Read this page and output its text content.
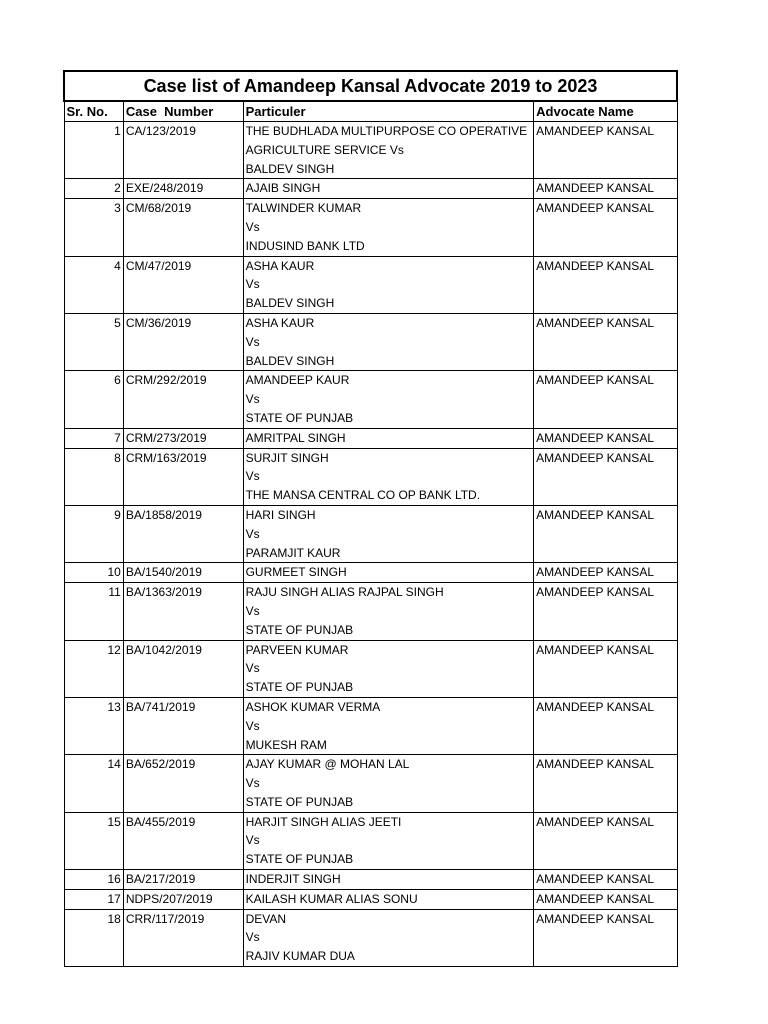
Case list of Amandeep Kansal Advocate 2019 to 2023			
Sr. No.	Case  Number	Particuler	Advocate Name
1	CA/123/2019	THE BUDHLADA MULTIPURPOSE CO OPERATIVE
AGRICULTURE SERVICE Vs
BALDEV SINGH	AMANDEEP KANSAL
2	EXE/248/2019	AJAIB SINGH	AMANDEEP KANSAL
3	CM/68/2019	TALWINDER KUMAR
Vs
INDUSIND BANK LTD	AMANDEEP KANSAL
4	CM/47/2019	ASHA KAUR
Vs
BALDEV SINGH	AMANDEEP KANSAL
5	CM/36/2019	ASHA KAUR
Vs
BALDEV SINGH	AMANDEEP KANSAL
6	CRM/292/2019	AMANDEEP KAUR
Vs
STATE OF PUNJAB	AMANDEEP KANSAL
7	CRM/273/2019	AMRITPAL SINGH	AMANDEEP KANSAL
8	CRM/163/2019	SURJIT SINGH
Vs
THE MANSA CENTRAL CO OP BANK LTD.	AMANDEEP KANSAL
9	BA/1858/2019	HARI SINGH
Vs
PARAMJIT KAUR	AMANDEEP KANSAL
10	BA/1540/2019	GURMEET SINGH	AMANDEEP KANSAL
11	BA/1363/2019	RAJU SINGH ALIAS RAJPAL SINGH
Vs
STATE OF PUNJAB	AMANDEEP KANSAL
12	BA/1042/2019	PARVEEN KUMAR
Vs
STATE OF PUNJAB	AMANDEEP KANSAL
13	BA/741/2019	ASHOK KUMAR VERMA
Vs
MUKESH RAM	AMANDEEP KANSAL
14	BA/652/2019	AJAY KUMAR @ MOHAN LAL
Vs
STATE OF PUNJAB	AMANDEEP KANSAL
15	BA/455/2019	HARJIT SINGH ALIAS JEETI
Vs
STATE OF PUNJAB	AMANDEEP KANSAL
16	BA/217/2019	INDERJIT SINGH	AMANDEEP KANSAL
17	NDPS/207/2019	KAILASH KUMAR ALIAS SONU	AMANDEEP KANSAL
18	CRR/117/2019	DEVAN
Vs
RAJIV KUMAR DUA	AMANDEEP KANSAL
